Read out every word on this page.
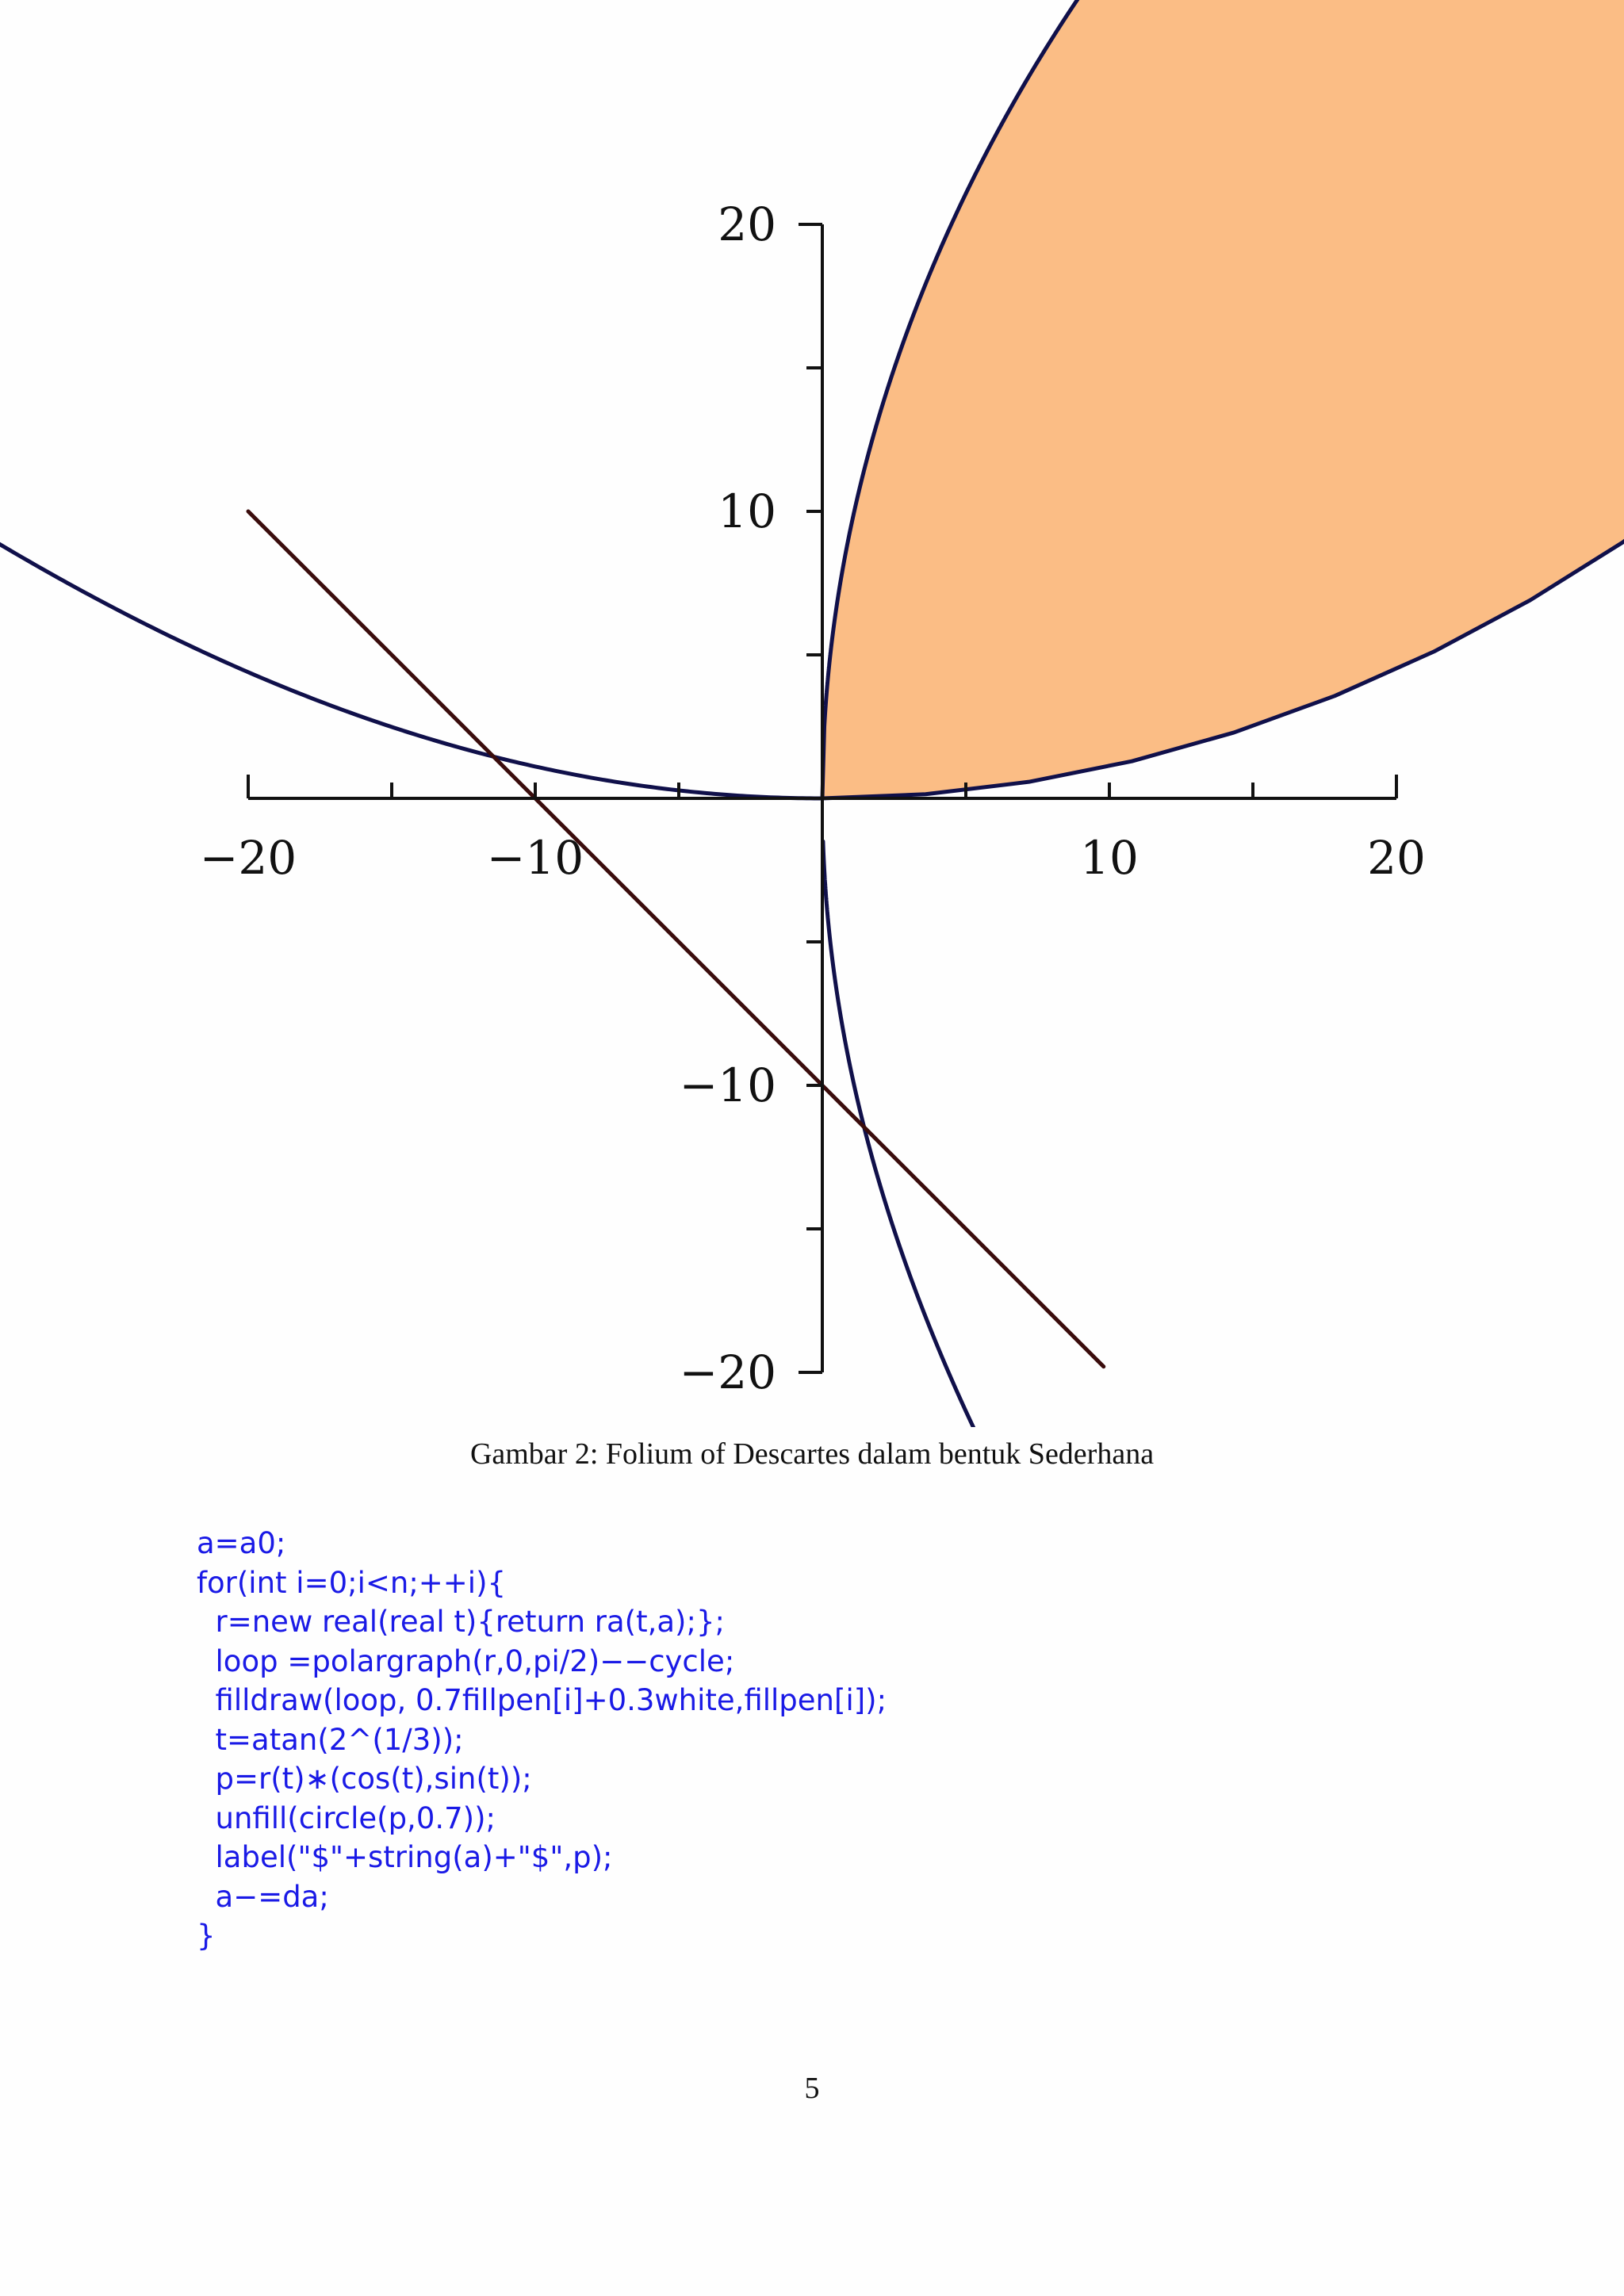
−20	−10	10	20
20
10
−10
−20
Gambar 2: Folium of Descartes dalam bentuk Sederhana
a=a0;
for(int i=0;i<n;++i){
r=new real(real t){return ra(t,a);};
loop =polargraph(r,0,pi/2)−−cycle;
filldraw(loop, 0.7fillpen[i]+0.3white,fillpen[i]);
t=atan(2^(1/3));
p=r(t)∗(cos(t),sin(t));
unfill(circle(p,0.7));
label("$"+string(a)+"$",p);
a−=da;
}
5
